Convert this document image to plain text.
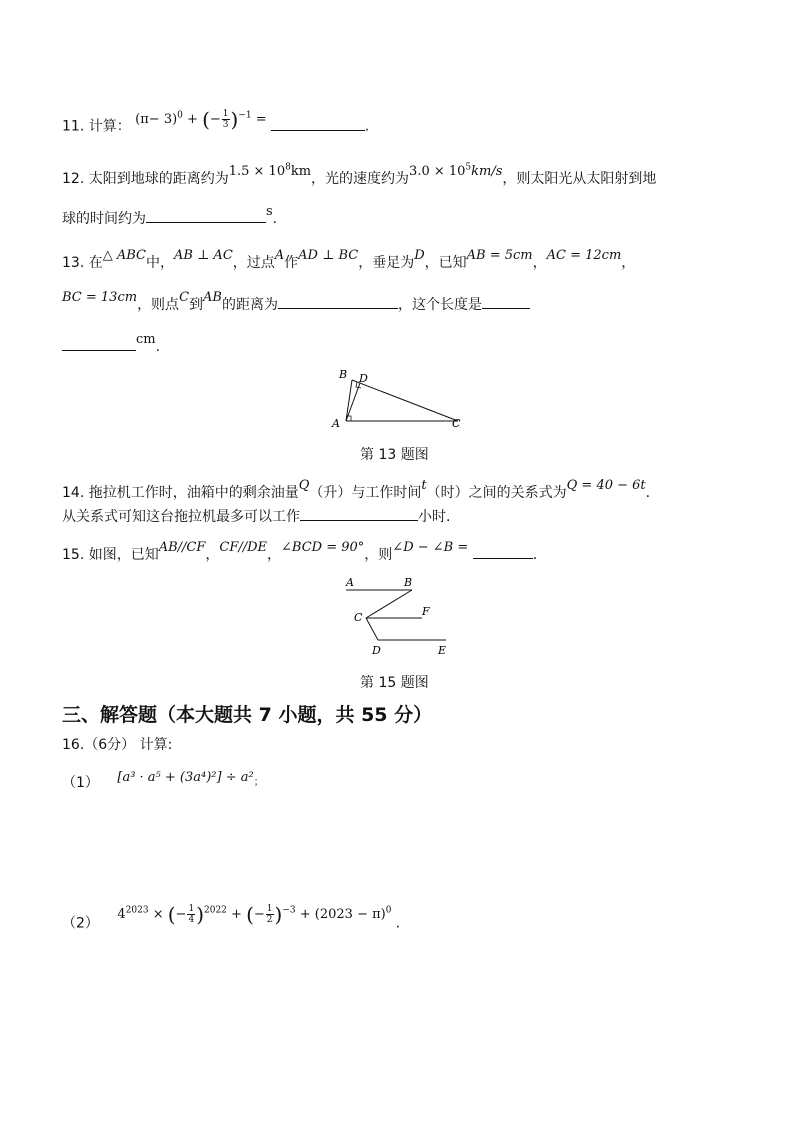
11. 计算： $(\pi- 3)^0$ + (− $\frac{1}{3} )^{-1}$ =	.
12. 太阳到地球的距离约为$1.5 \times 10^8km$，光的速度约为$3.0 \times 10^5km/s$，则太阳光从太阳射到地
球的时间约为	s.
13. 在△ ABC中，AB ⊥ AC，过点A作AD ⊥ BC，垂足为D，已知AB = 5cm，AC = 12cm，
BC = 13cm，则点C到AB的距离为	，这个长度是
cm.
B D
A	C
第 13 题图
14. 拖拉机工作时，油箱中的剩余油量Q（升）与工作时间t（时）之间的关系式为Q = 40 − 6t.
从关系式可知这台拖拉机最多可以工作	小时.
15. 如图，已知AB//CF，CF//DE，∠BCD = 90°，则∠D − ∠B =	.
A	B
C	F
D	E
第 15 题图
三、解答题（本大题共 7 小题，共 55 分）
16.（6分） 计算:
（1） [a³ · a⁵ + (3a⁴)²] ÷ a²；
（2） $4^{2023}$ × (− $\frac{1}{4} )^{2022}$ + (− $\frac{1}{2} )^{-3} + (2023 - \pi)^0$ .
